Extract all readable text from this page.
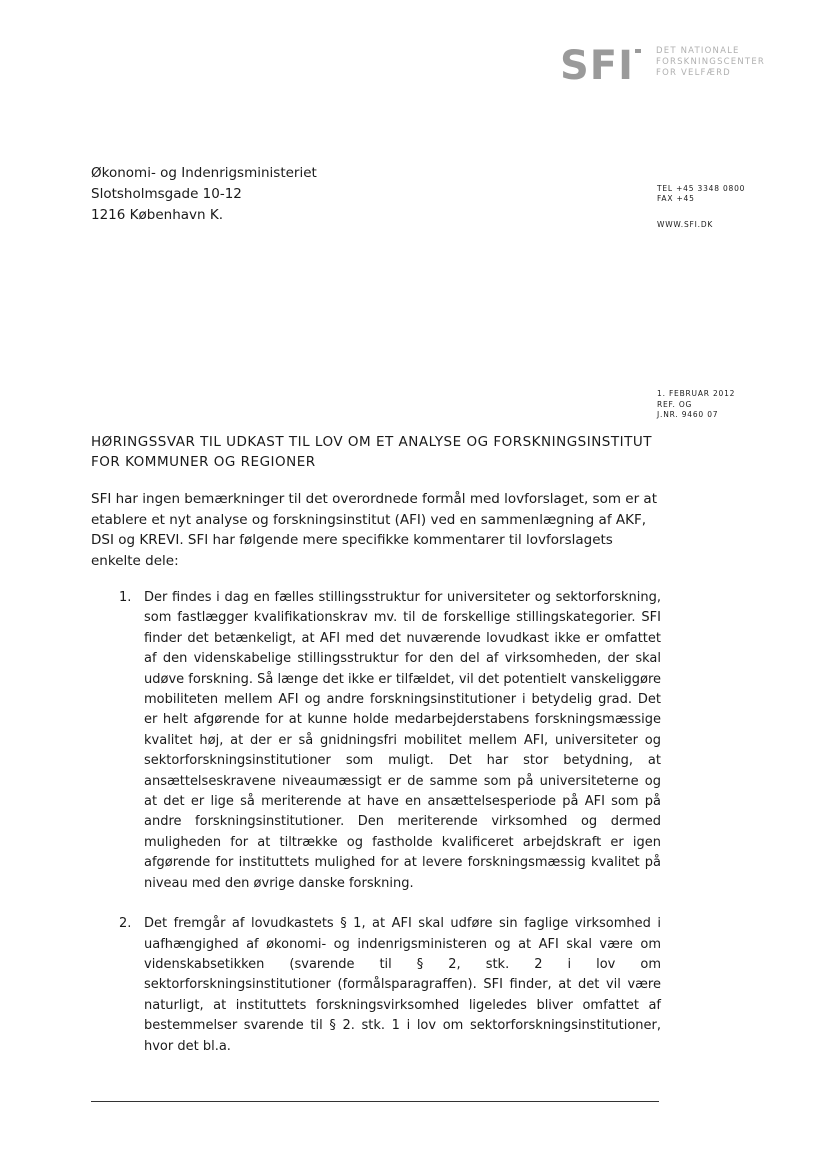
SFI	DET NATIONALE
FORSKNINGSCENTER
FOR VELFÆRD
Økonomi- og Indenrigsministeriet
Slotsholmsgade 10-12
1216 København K.
TEL +45 3348 0800
FAX +45
WWW.SFI.DK
1. FEBRUAR 2012
REF. OG
J.NR. 9460 07
HØRINGSSVAR TIL UDKAST TIL LOV OM ET ANALYSE OG FORSKNINGSINSTITUT FOR KOMMUNER OG REGIONER
SFI har ingen bemærkninger til det overordnede formål med lovforslaget, som er at etablere et nyt analyse og forskningsinstitut (AFI) ved en sammenlægning af AKF, DSI og KREVI. SFI har følgende mere specifikke kommentarer til lovforslagets enkelte dele:
1. Der findes i dag en fælles stillingsstruktur for universiteter og sektorforskning, som fastlægger kvalifikationskrav mv. til de forskellige stillingskategorier. SFI finder det betænkeligt, at AFI med det nuværende lovudkast ikke er omfattet af den videnskabelige stillingsstruktur for den del af virksomheden, der skal udøve forskning. Så længe det ikke er tilfældet, vil det potentielt vanskeliggøre mobiliteten mellem AFI og andre forskningsinstitutioner i betydelig grad. Det er helt afgørende for at kunne holde medarbejderstabens forskningsmæssige kvalitet høj, at der er så gnidningsfri mobilitet mellem AFI, universiteter og sektorforskningsinstitutioner som muligt. Det har stor betydning, at ansættelseskravene niveaumæssigt er de samme som på universiteterne og at det er lige så meriterende at have en ansættelsesperiode på AFI som på andre forskningsinstitutioner. Den meriterende virksomhed og dermed muligheden for at tiltrække og fastholde kvalificeret arbejdskraft er igen afgørende for instituttets mulighed for at levere forskningsmæssig kvalitet på niveau med den øvrige danske forskning.
2. Det fremgår af lovudkastets § 1, at AFI skal udføre sin faglige virksomhed i uafhængighed af økonomi- og indenrigsministeren og at AFI skal være om videnskabsetikken (svarende til § 2, stk. 2 i lov om sektorforskningsinstitutioner (formålsparagraffen). SFI finder, at det vil være naturligt, at instituttets forskningsvirksomhed ligeledes bliver omfattet af bestemmelser svarende til § 2. stk. 1 i lov om sektorforskningsinstitutioner, hvor det bl.a.
